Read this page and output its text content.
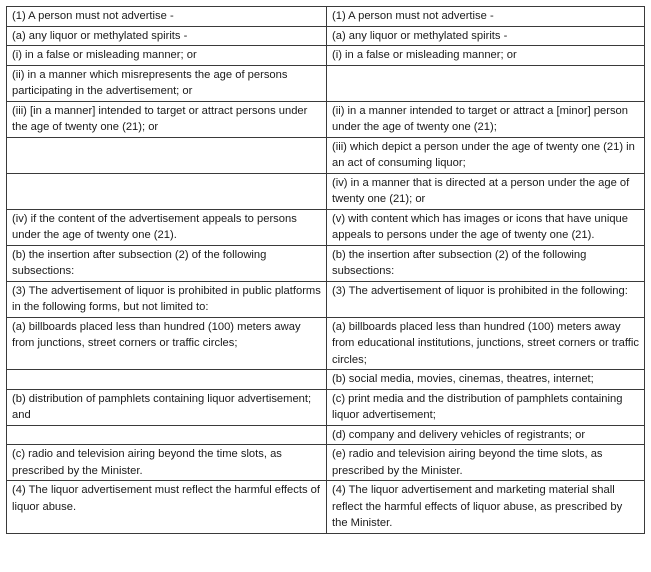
(1) A person must not advertise -	(1) A person must not advertise -
(a) any liquor or methylated spirits -	(a) any liquor or methylated spirits -
(i) in a false or misleading manner; or	(i) in a false or misleading manner; or
(ii) in a manner which misrepresents the age of persons participating in the advertisement; or	
(iii) [in a manner] intended to target or attract persons under the age of twenty one (21); or	(ii) in a manner intended to target or attract a [minor] person under the age of twenty one (21);
	(iii) which depict a person under the age of twenty one (21) in an act of consuming liquor;
	(iv) in a manner that is directed at a person under the age of twenty one (21); or
(iv) if the content of the advertisement appeals to persons under the age of twenty one (21).	(v) with content which has images or icons that have unique appeals to persons under the age of twenty one (21).
(b) the insertion after subsection (2) of the following subsections:	(b) the insertion after subsection (2) of the following subsections:
(3) The advertisement of liquor is prohibited in public platforms in the following forms, but not limited to:	(3) The advertisement of liquor is prohibited in the following:
(a) billboards placed less than hundred (100) meters away from junctions, street corners or traffic circles;	(a) billboards placed less than hundred (100) meters away from educational institutions, junctions, street corners or traffic circles;
	(b) social media, movies, cinemas, theatres, internet;
(b) distribution of pamphlets containing liquor advertisement; and	(c) print media and the distribution of pamphlets containing liquor advertisement;
	(d) company and delivery vehicles of registrants; or
(c) radio and television airing beyond the time slots, as prescribed by the Minister.	(e) radio and television airing beyond the time slots, as prescribed by the Minister.
(4) The liquor advertisement must reflect the harmful effects of liquor abuse.	(4) The liquor advertisement and marketing material shall reflect the harmful effects of liquor abuse, as prescribed by the Minister.
